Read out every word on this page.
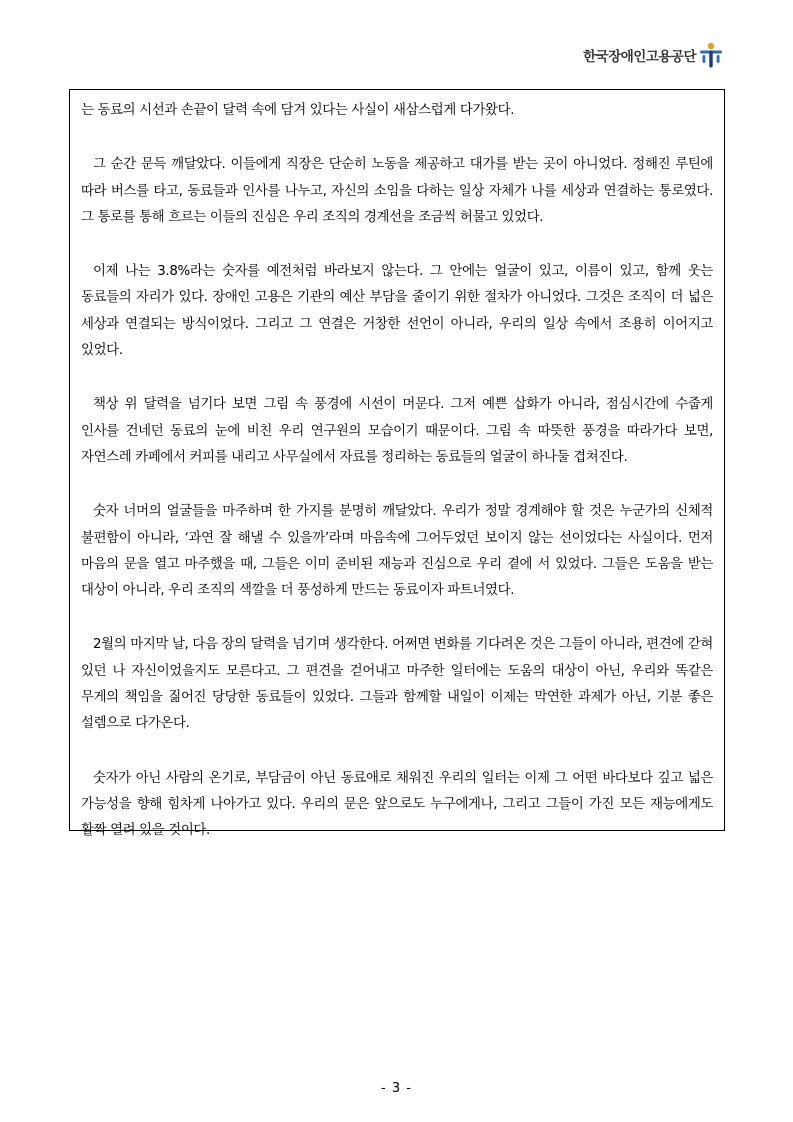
한국장애인고용공단

는 동료의 시선과 손끝이 달력 속에 담겨 있다는 사실이 새삼스럽게 다가왔다.

그 순간 문득 깨달았다. 이들에게 직장은 단순히 노동을 제공하고 대가를 받는 곳이 아니었다. 정해진 루틴에 따라 버스를 타고, 동료들과 인사를 나누고, 자신의 소임을 다하는 일상 자체가 나를 세상과 연결하는 통로였다. 그 통로를 통해 흐르는 이들의 진심은 우리 조직의 경계선을 조금씩 허물고 있었다.

이제 나는 3.8%라는 숫자를 예전처럼 바라보지 않는다. 그 안에는 얼굴이 있고, 이름이 있고, 함께 웃는 동료들의 자리가 있다. 장애인 고용은 기관의 예산 부담을 줄이기 위한 절차가 아니었다. 그것은 조직이 더 넓은 세상과 연결되는 방식이었다. 그리고 그 연결은 거창한 선언이 아니라, 우리의 일상 속에서 조용히 이어지고 있었다.

책상 위 달력을 넘기다 보면 그림 속 풍경에 시선이 머문다. 그저 예쁜 삽화가 아니라, 점심시간에 수줍게 인사를 건네던 동료의 눈에 비친 우리 연구원의 모습이기 때문이다. 그림 속 따뜻한 풍경을 따라가다 보면, 자연스레 카페에서 커피를 내리고 사무실에서 자료를 정리하는 동료들의 얼굴이 하나둘 겹쳐진다.

숫자 너머의 얼굴들을 마주하며 한 가지를 분명히 깨달았다. 우리가 정말 경계해야 할 것은 누군가의 신체적 불편함이 아니라, ‘과연 잘 해낼 수 있을까’라며 마음속에 그어두었던 보이지 않는 선이었다는 사실이다. 먼저 마음의 문을 열고 마주했을 때, 그들은 이미 준비된 재능과 진심으로 우리 곁에 서 있었다. 그들은 도움을 받는 대상이 아니라, 우리 조직의 색깔을 더 풍성하게 만드는 동료이자 파트너였다.

2월의 마지막 날, 다음 장의 달력을 넘기며 생각한다. 어쩌면 변화를 기다려온 것은 그들이 아니라, 편견에 갇혀 있던 나 자신이었을지도 모른다고. 그 편견을 걷어내고 마주한 일터에는 도움의 대상이 아닌, 우리와 똑같은 무게의 책임을 짊어진 당당한 동료들이 있었다. 그들과 함께할 내일이 이제는 막연한 과제가 아닌, 기분 좋은 설렘으로 다가온다.

숫자가 아닌 사람의 온기로, 부담금이 아닌 동료애로 채워진 우리의 일터는 이제 그 어떤 바다보다 깊고 넓은 가능성을 향해 힘차게 나아가고 있다. 우리의 문은 앞으로도 누구에게나, 그리고 그들이 가진 모든 재능에게도 활짝 열려 있을 것이다.

- 3 -
